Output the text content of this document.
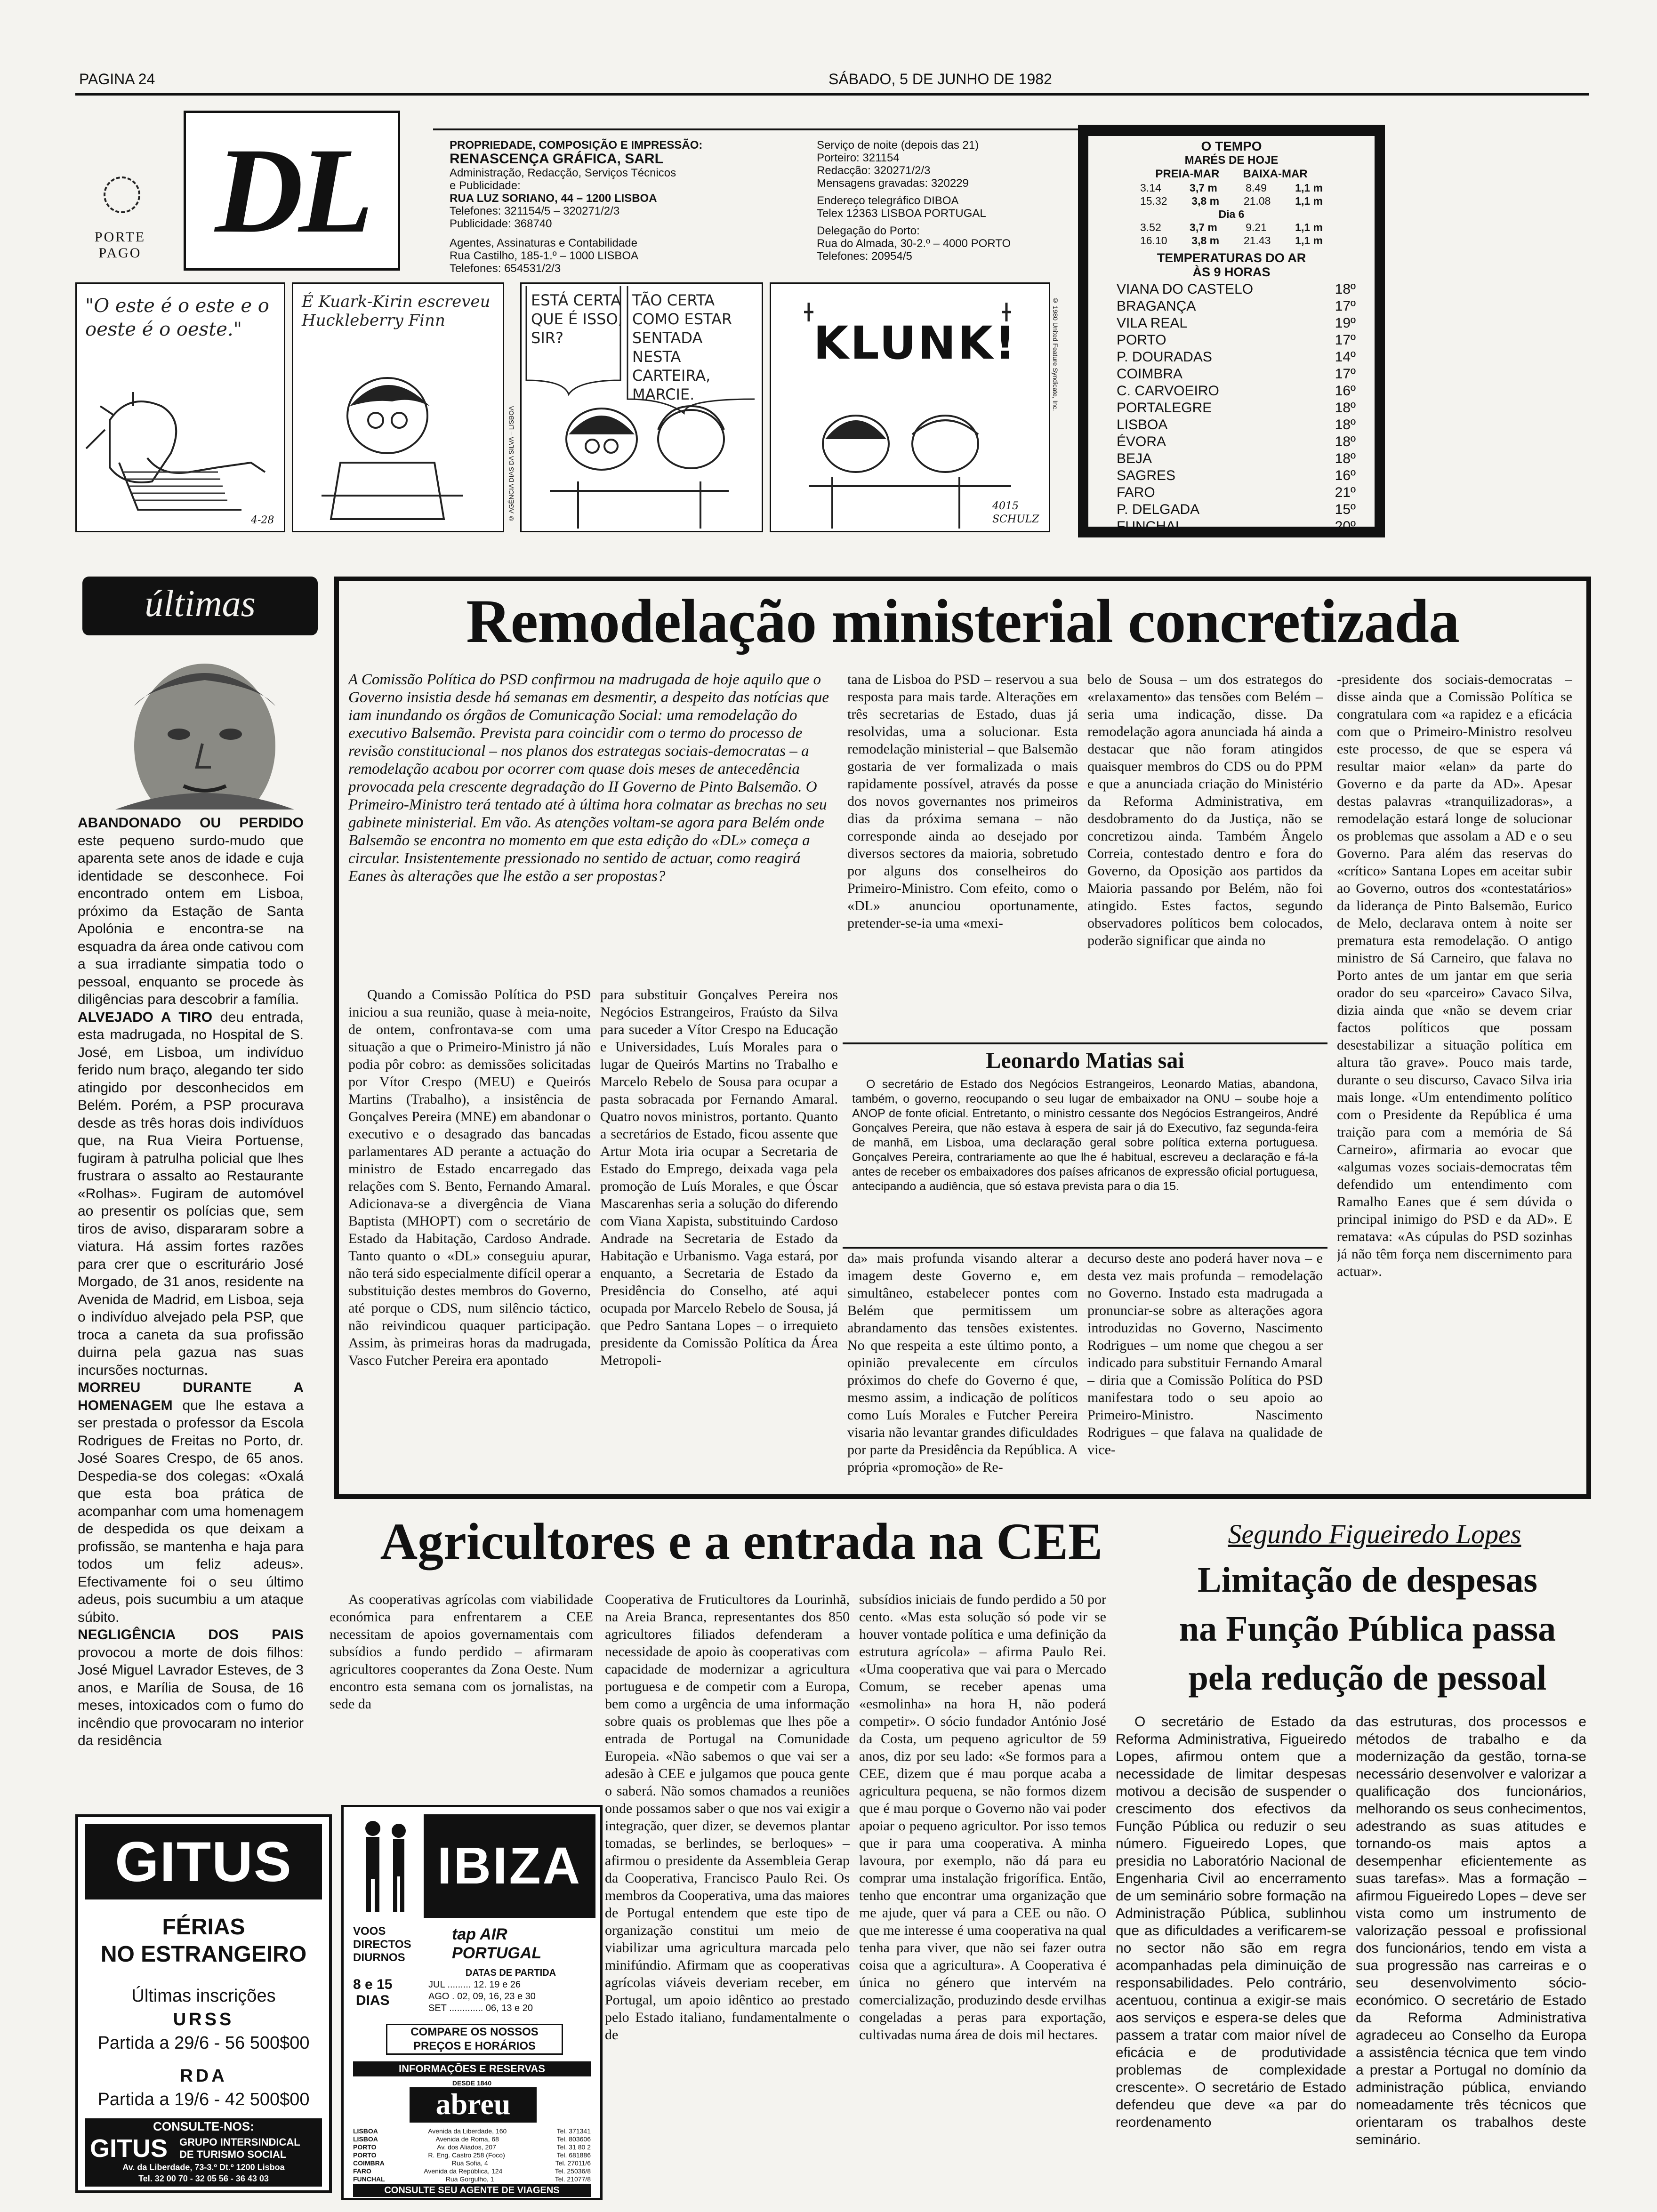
PAGINA 24	SÁBADO, 5 DE JUNHO DE 1982
PORTE
PAGO DL	PROPRIEDADE, COMPOSIÇÃO E IMPRESSÃO:
RENASCENÇA GRÁFICA, SARL
Administração, Redacção, Serviços Técnicos
e Publicidade:
RUA LUZ SORIANO, 44 – 1200 LISBOA
Telefones: 321154/5 – 320271/2/3
Publicidade: 368740
Agentes, Assinaturas e Contabilidade
Rua Castilho, 185-1.º – 1000 LISBOA
Telefones: 654531/2/3
Serviço de noite (depois das 21)
Porteiro: 321154
Redacção: 320271/2/3
Mensagens gravadas: 320229
Endereço telegráfico DIBOA
Telex 12363 LISBOA PORTUGAL
Delegação do Porto:
Rua do Almada, 30-2.º – 4000 PORTO
Telefones: 20954/5
O TEMPO
MARÉS DE HOJE
PREIA-MAR BAIXA-MAR
3.14	3,7 m	8.49	1,1 m
15.32 3,8 m 21.08 1,1 m
Dia 6
3.52	3,7 m	9.21	1,1 m
16.10 3,8 m 21.43 1,1 m
TEMPERATURAS DO AR
ÀS 9 HORAS
VIANA DO CASTELO	18º
BRAGANÇA	17º
VILA REAL	19º
PORTO	17º
P. DOURADAS	14º
COIMBRA	17º
C. CARVOEIRO	16º
PORTALEGRE	18º
LISBOA	18º
ÉVORA	18º
BEJA	18º
SAGRES	16º
FARO	21º
P. DELGADA	15º
FUNCHAL	20º
"O este é o este e o oeste é o oeste."
4-28
É Kuark-Kirin escreveu Huckleberry Finn
© AGÊNCIA DIAS DA SILVA – LISBOA
ESTÁ CERTA QUE É ISSO, SIR?
TÃO CERTA COMO ESTAR SENTADA NESTA CARTEIRA, MARCIE.
KLUNK!
4015
SCHULZ
© 1980 United Feature Syndicate, Inc.
últimas

ABANDONADO OU PERDIDO este pequeno surdo-mudo que aparenta sete anos de idade e cuja identidade se desconhece. Foi encontrado ontem em Lisboa, próximo da Estação de Santa Apolónia e encontra-se na esquadra da área onde cativou com a sua irradiante simpatia todo o pessoal, enquanto se procede às diligências para descobrir a família.

ALVEJADO A TIRO deu entrada, esta madrugada, no Hospital de S. José, em Lisboa, um indivíduo ferido num braço, alegando ter sido atingido por desconhecidos em Belém. Porém, a PSP procurava desde as três horas dois indivíduos que, na Rua Vieira Portuense, fugiram à patrulha policial que lhes frustrara o assalto ao Restaurante «Rolhas». Fugiram de automóvel ao presentir os polícias que, sem tiros de aviso, dispararam sobre a viatura. Há assim fortes razões para crer que o escriturário José Morgado, de 31 anos, residente na Avenida de Madrid, em Lisboa, seja o indivíduo alvejado pela PSP, que troca a caneta da sua profissão duirna pela gazua nas suas incursões nocturnas.

MORREU DURANTE A HOMENAGEM que lhe estava a ser prestada o professor da Escola Rodrigues de Freitas no Porto, dr. José Soares Crespo, de 65 anos. Despedia-se dos colegas: «Oxalá que esta boa prática de acompanhar com uma homenagem de despedida os que deixam a profissão, se mantenha e haja para todos um feliz adeus». Efectivamente foi o seu último adeus, pois sucumbiu a um ataque súbito.

NEGLIGÊNCIA DOS PAIS provocou a morte de dois filhos: José Miguel Lavrador Esteves, de 3 anos, e Marília de Sousa, de 16 meses, intoxicados com o fumo do incêndio que provocaram no interior da residência

Remodelação ministerial concretizada
A Comissão Política do PSD confirmou na madrugada de hoje aquilo que o Governo insistia desde há semanas em desmentir, a despeito das notícias que iam inundando os órgãos de Comunicação Social: uma remodelação do executivo Balsemão. Prevista para coincidir com o termo do processo de revisão constitucional – nos planos dos estrategas sociais-democratas – a remodelação acabou por ocorrer com quase dois meses de antecedência provocada pela crescente degradação do II Governo de Pinto Balsemão. O Primeiro-Ministro terá tentado até à última hora colmatar as brechas no seu gabinete ministerial. Em vão. As atenções voltam-se agora para Belém onde Balsemão se encontra no momento em que esta edição do «DL» começa a circular. Insistentemente pressionado no sentido de actuar, como reagirá Eanes às alterações que lhe estão a ser propostas?

Quando a Comissão Política do PSD iniciou a sua reunião, quase à meia-noite, de ontem, confrontava-se com uma situação a que o Primeiro-Ministro já não podia pôr cobro: as demissões solicitadas por Vítor Crespo (MEU) e Queirós Martins (Trabalho), a insistência de Gonçalves Pereira (MNE) em abandonar o executivo e o desagrado das bancadas parlamentares AD perante a actuação do ministro de Estado encarregado das relações com S. Bento, Fernando Amaral. Adicionava-se a divergência de Viana Baptista (MHOPT) com o secretário de Estado da Habitação, Cardoso Andrade. Tanto quanto o «DL» conseguiu apurar, não terá sido especialmente difícil operar a substituição destes membros do Governo, até porque o CDS, num silêncio táctico, não reivindicou quaquer participação. Assim, às primeiras horas da madrugada, Vasco Futcher Pereira era apontado

para substituir Gonçalves Pereira nos Negócios Estrangeiros, Fraústo da Silva para suceder a Vítor Crespo na Educação e Universidades, Luís Morales para o lugar de Queirós Martins no Trabalho e Marcelo Rebelo de Sousa para ocupar a pasta sobracada por Fernando Amaral. Quatro novos ministros, portanto. Quanto a secretários de Estado, ficou assente que Artur Mota iria ocupar a Secretaria de Estado do Emprego, deixada vaga pela promoção de Luís Morales, e que Óscar Mascarenhas seria a solução do diferendo com Viana Xapista, substituindo Cardoso Andrade na Secretaria de Estado da Habitação e Urbanismo. Vaga estará, por enquanto, a Secretaria de Estado da Presidência do Conselho, até aqui ocupada por Marcelo Rebelo de Sousa, já que Pedro Santana Lopes – o irrequieto presidente da Comissão Política da Área Metropoli-

tana de Lisboa do PSD – reservou a sua resposta para mais tarde. Alterações em três secretarias de Estado, duas já resolvidas, uma a solucionar. Esta remodelação ministerial – que Balsemão gostaria de ver formalizada o mais rapidamente possível, através da posse dos novos governantes nos primeiros dias da próxima semana – não corresponde ainda ao desejado por diversos sectores da maioria, sobretudo por alguns dos conselheiros do Primeiro-Ministro. Com efeito, como o «DL» anunciou oportunamente, pretender-se-ia uma «mexi-

belo de Sousa – um dos estrategos do «relaxamento» das tensões com Belém – seria uma indicação, disse. Da remodelação agora anunciada há ainda a destacar que não foram atingidos quaisquer membros do CDS ou do PPM e que a anunciada criação do Ministério da Reforma Administrativa, em desdobramento do da Justiça, não se concretizou ainda. Também Ângelo Correia, contestado dentro e fora do Governo, da Oposição aos partidos da Maioria passando por Belém, não foi atingido. Estes factos, segundo observadores políticos bem colocados, poderão significar que ainda no

-presidente dos sociais-democratas – disse ainda que a Comissão Política se congratulara com «a rapidez e a eficácia com que o Primeiro-Ministro resolveu este processo, de que se espera vá resultar maior «elan» da parte do Governo e da parte da AD». Apesar destas palavras «tranquilizadoras», a remodelação estará longe de solucionar os problemas que assolam a AD e o seu Governo. Para além das reservas do «crítico» Santana Lopes em aceitar subir ao Governo, outros dos «contestatários» da liderança de Pinto Balsemão, Eurico de Melo, declarava ontem à noite ser prematura esta remodelação. O antigo ministro de Sá Carneiro, que falava no Porto antes de um jantar em que seria orador do seu «parceiro» Cavaco Silva, dizia ainda que «não se devem criar factos políticos que possam desestabilizar a situação política em altura tão grave». Pouco mais tarde, durante o seu discurso, Cavaco Silva iria mais longe. «Um entendimento político com o Presidente da República é uma traição para com a memória de Sá Carneiro», afirmaria ao evocar que «algumas vozes sociais-democratas têm defendido um entendimento com Ramalho Eanes que é sem dúvida o principal inimigo do PSD e da AD». E rematava: «As cúpulas do PSD sozinhas já não têm força nem discernimento para actuar».

Leonardo Matias sai
O secretário de Estado dos Negócios Estrangeiros, Leonardo Matias, abandona, também, o governo, reocupando o seu lugar de embaixador na ONU – soube hoje a ANOP de fonte oficial. Entretanto, o ministro cessante dos Negócios Estrangeiros, André Gonçalves Pereira, que não estava à espera de sair já do Executivo, faz segunda-feira de manhã, em Lisboa, uma declaração geral sobre política externa portuguesa. Gonçalves Pereira, contrariamente ao que lhe é habitual, escreveu a declaração e fá-la antes de receber os embaixadores dos países africanos de expressão oficial portuguesa, antecipando a audiência, que só estava prevista para o dia 15.

da» mais profunda visando alterar a imagem deste Governo e, em simultâneo, estabelecer pontes com Belém que permitissem um abrandamento das tensões existentes. No que respeita a este último ponto, a opinião prevalecente em círculos próximos do chefe do Governo é que, mesmo assim, a indicação de políticos como Luís Morales e Futcher Pereira visaria não levantar grandes dificuldades por parte da Presidência da República. A própria «promoção» de Re-

decurso deste ano poderá haver nova – e desta vez mais profunda – remodelação no Governo. Instado esta madrugada a pronunciar-se sobre as alterações agora introduzidas no Governo, Nascimento Rodrigues – um nome que chegou a ser indicado para substituir Fernando Amaral – diria que a Comissão Política do PSD manifestara todo o seu apoio ao Primeiro-Ministro. Nascimento Rodrigues – que falava na qualidade de vice-

Agricultores e a entrada na CEE

As cooperativas agrícolas com viabilidade económica para enfrentarem a CEE necessitam de apoios governamentais com subsídios a fundo perdido – afirmaram agricultores cooperantes da Zona Oeste. Num encontro esta semana com os jornalistas, na sede da

Cooperativa de Fruticultores da Lourinhã, na Areia Branca, representantes dos 850 agricultores filiados defenderam a necessidade de apoio às cooperativas com capacidade de modernizar a agricultura portuguesa e de competir com a Europa, bem como a urgência de uma informação sobre quais os problemas que lhes põe a entrada de Portugal na Comunidade Europeia. «Não sabemos o que vai ser a adesão à CEE e julgamos que pouca gente o saberá. Não somos chamados a reuniões onde possamos saber o que nos vai exigir a integração, quer dizer, se devemos plantar tomadas, se berlindes, se berloques» – afirmou o presidente da Assembleia Gerap da Cooperativa, Francisco Paulo Rei. Os membros da Cooperativa, uma das maiores de Portugal entendem que este tipo de organização constitui um meio de viabilizar uma agricultura marcada pelo minifúndio. Afirmam que as cooperativas agrícolas viáveis deveriam receber, em Portugal, um apoio idêntico ao prestado pelo Estado italiano, fundamentalmente o de

subsídios iniciais de fundo perdido a 50 por cento. «Mas esta solução só pode vir se houver vontade política e uma definição da estrutura agrícola» – afirma Paulo Rei. «Uma cooperativa que vai para o Mercado Comum, se receber apenas uma «esmolinha» na hora H, não poderá competir». O sócio fundador António José da Costa, um pequeno agricultor de 59 anos, diz por seu lado: «Se formos para a CEE, dizem que é mau porque acaba a agricultura pequena, se não formos dizem que é mau porque o Governo não vai poder apoiar o pequeno agricultor. Por isso temos que ir para uma cooperativa. A minha lavoura, por exemplo, não dá para eu comprar uma instalação frigorífica. Então, tenho que encontrar uma organização que me ajude, quer vá para a CEE ou não. O que me interesse é uma cooperativa na qual tenha para viver, que não sei fazer outra coisa que a agricultura». A Cooperativa é única no género que intervém na comercialização, produzindo desde ervilhas congeladas a peras para exportação, cultivadas numa área de dois mil hectares.

Segundo Figueiredo Lopes
Limitação de despesas
na Função Pública passa
pela redução de pessoal

O secretário de Estado da Reforma Administrativa, Figueiredo Lopes, afirmou ontem que a necessidade de limitar despesas motivou a decisão de suspender o crescimento dos efectivos da Função Pública ou reduzir o seu número. Figueiredo Lopes, que presidia no Laboratório Nacional de Engenharia Civil ao encerramento de um seminário sobre formação na Administração Pública, sublinhou que as dificuldades a verificarem-se no sector não são em regra acompanhadas pela diminuição de responsabilidades. Pelo contrário, acentuou, continua a exigir-se mais aos serviços e espera-se deles que passem a tratar com maior nível de eficácia e de produtividade problemas de complexidade crescente». O secretário de Estado defendeu que deve «a par do reordenamento

das estruturas, dos processos e métodos de trabalho e da modernização da gestão, torna-se necessário desenvolver e valorizar a qualificação dos funcionários, melhorando os seus conhecimentos, adestrando as suas atitudes e tornando-os mais aptos a desempenhar eficientemente as suas tarefas». Mas a formação – afirmou Figueiredo Lopes – deve ser vista como um instrumento de valorização pessoal e profissional dos funcionários, tendo em vista a sua progressão nas carreiras e o seu desenvolvimento sócio-económico. O secretário de Estado da Reforma Administrativa agradeceu ao Conselho da Europa a assistência técnica que tem vindo a prestar a Portugal no domínio da administração pública, enviando nomeadamente três técnicos que orientaram os trabalhos deste seminário.

GITUS
FÉRIAS
NO ESTRANGEIRO
Últimas inscrições
URSS
Partida a 29/6 - 56 500$00
RDA
Partida a 19/6 - 42 500$00
CONSULTE-NOS:
GITUS GRUPO INTERSINDICAL
DE TURISMO SOCIAL
Av. da Liberdade, 73-3.º Dt.º 1200 Lisboa
Tel. 32 00 70 - 32 05 56 - 36 43 03
IBIZA
VOOS
DIRECTOS
DIURNOS
tap AIR PORTUGAL
8 e 15
DIAS
DATAS DE PARTIDA
JUL ......... 12. 19 e 26
AGO . 02, 09, 16, 23 e 30
SET ............. 06, 13 e 20
COMPARE OS NOSSOS
PREÇOS E HORÁRIOS
INFORMAÇÕES E RESERVAS
DESDE 1840
abreu
LISBOA	Avenida da Liberdade, 160	Tel. 371341
LISBOA	Avenida de Roma, 68	Tel. 803606
PORTO	Av. dos Aliados, 207	Tel. 31 80 2
PORTO	R. Eng. Castro 258 (Foco)	Tel. 681886
COIMBRA	Rua Sofia, 4	Tel. 27011/6
FARO	Avenida da República, 124	Tel. 25036/8
FUNCHAL	Rua Gorgulho, 1	Tel. 21077/8
CONSULTE SEU AGENTE DE VIAGENS
